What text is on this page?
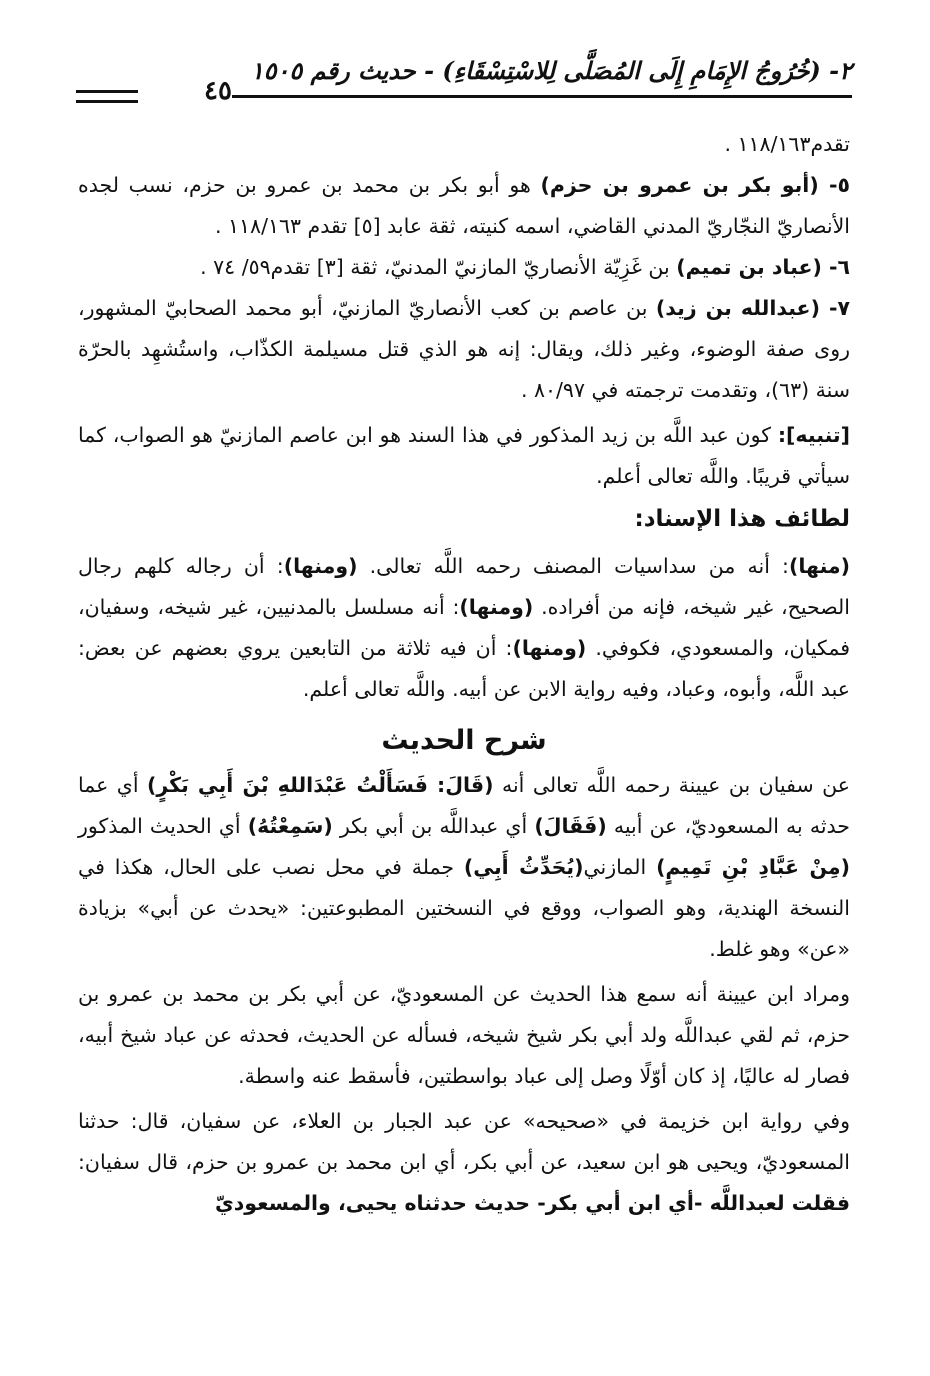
٢- (خُرُوجُ الإِمَامِ إِلَى المُصَلَّى لِلاسْتِسْقَاءِ) - حديث رقم ١٥٠٥
٤٥

تقدم١١٨/١٦٣ .

٥- (أبو بكر بن عمرو بن حزم) هو أبو بكر بن محمد بن عمرو بن حزم، نسب لجده الأنصاريّ النجّاريّ المدني القاضي، اسمه كنيته، ثقة عابد [٥] تقدم ١١٨/١٦٣ .

٦- (عباد بن تميم) بن غَزِيّة الأنصاريّ المازنيّ المدنيّ، ثقة [٣] تقدم٥٩/ ٧٤ .

٧- (عبدالله بن زيد) بن عاصم بن كعب الأنصاريّ المازنيّ، أبو محمد الصحابيّ المشهور، روى صفة الوضوء، وغير ذلك، ويقال: إنه هو الذي قتل مسيلمة الكذّاب، واستُشهِد بالحرّة سنة (٦٣)، وتقدمت ترجمته في ٨٠/٩٧ .

[تنبيه]: كون عبد اللَّه بن زيد المذكور في هذا السند هو ابن عاصم المازنيّ هو الصواب، كما سيأتي قريبًا. واللَّه تعالى أعلم.

لطائف هذا الإسناد:

(منها): أنه من سداسيات المصنف رحمه اللَّه تعالى. (ومنها): أن رجاله كلهم رجال الصحيح، غير شيخه، فإنه من أفراده. (ومنها): أنه مسلسل بالمدنيين، غير شيخه، وسفيان، فمكيان، والمسعودي، فكوفي. (ومنها): أن فيه ثلاثة من التابعين يروي بعضهم عن بعض: عبد اللَّه، وأبوه، وعباد، وفيه رواية الابن عن أبيه. واللَّه تعالى أعلم.

شرح الحديث

عن سفيان بن عيينة رحمه اللَّه تعالى أنه (قَالَ: فَسَأَلْتُ عَبْدَاللهِ بْنَ أَبِي بَكْرٍ) أي عما حدثه به المسعوديّ، عن أبيه (فَقَالَ) أي عبداللَّه بن أبي بكر (سَمِعْتُهُ) أي الحديث المذكور (مِنْ عَبَّادِ بْنِ تَمِيمٍ) المازني(يُحَدِّثُ أَبِي) جملة في محل نصب على الحال، هكذا في النسخة الهندية، وهو الصواب، ووقع في النسختين المطبوعتين: «يحدث عن أبي» بزيادة «عن» وهو غلط.

ومراد ابن عيينة أنه سمع هذا الحديث عن المسعوديّ، عن أبي بكر بن محمد بن عمرو بن حزم، ثم لقي عبداللَّه ولد أبي بكر شيخ شيخه، فسأله عن الحديث، فحدثه عن عباد شيخ أبيه، فصار له عاليًا، إذ كان أوّلًا وصل إلى عباد بواسطتين، فأسقط عنه واسطة.

وفي رواية ابن خزيمة في «صحيحه» عن عبد الجبار بن العلاء، عن سفيان، قال: حدثنا المسعوديّ، ويحيى هو ابن سعيد، عن أبي بكر، أي ابن محمد بن عمرو بن حزم، قال سفيان: فقلت لعبداللَّه -أي ابن أبي بكر- حديث حدثناه يحيى، والمسعوديّ
